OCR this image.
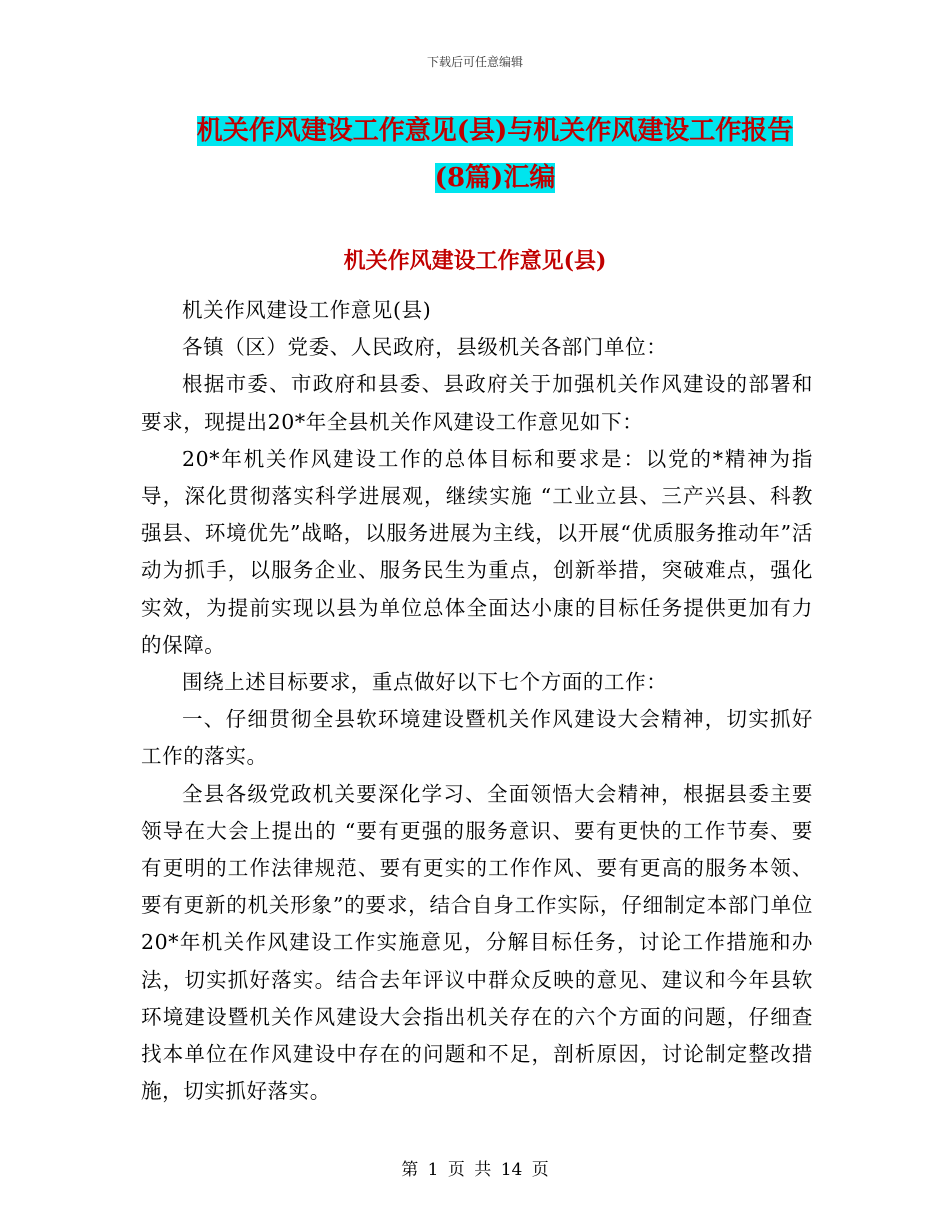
下载后可任意编辑
机关作风建设工作意见(县)与机关作风建设工作报告
(8篇)汇编
机关作风建设工作意见(县)

机关作风建设工作意见(县)

各镇（区）党委、人民政府，县级机关各部门单位：

根据市委、市政府和县委、县政府关于加强机关作风建设的部署和要求，现提出20*年全县机关作风建设工作意见如下：

20*年机关作风建设工作的总体目标和要求是：以党的*精神为指导，深化贯彻落实科学进展观，继续实施 “工业立县、三产兴县、科教强县、环境优先”战略，以服务进展为主线，以开展“优质服务推动年”活动为抓手，以服务企业、服务民生为重点，创新举措，突破难点，强化实效，为提前实现以县为单位总体全面达小康的目标任务提供更加有力的保障。

围绕上述目标要求，重点做好以下七个方面的工作：

一、仔细贯彻全县软环境建设暨机关作风建设大会精神，切实抓好工作的落实。

全县各级党政机关要深化学习、全面领悟大会精神，根据县委主要领导在大会上提出的 “要有更强的服务意识、要有更快的工作节奏、要有更明的工作法律规范、要有更实的工作作风、要有更高的服务本领、要有更新的机关形象”的要求，结合自身工作实际，仔细制定本部门单位20*年机关作风建设工作实施意见，分解目标任务，讨论工作措施和办法，切实抓好落实。结合去年评议中群众反映的意见、建议和今年县软环境建设暨机关作风建设大会指出机关存在的六个方面的问题，仔细查找本单位在作风建设中存在的问题和不足，剖析原因，讨论制定整改措施，切实抓好落实。

第 1 页 共 14 页
